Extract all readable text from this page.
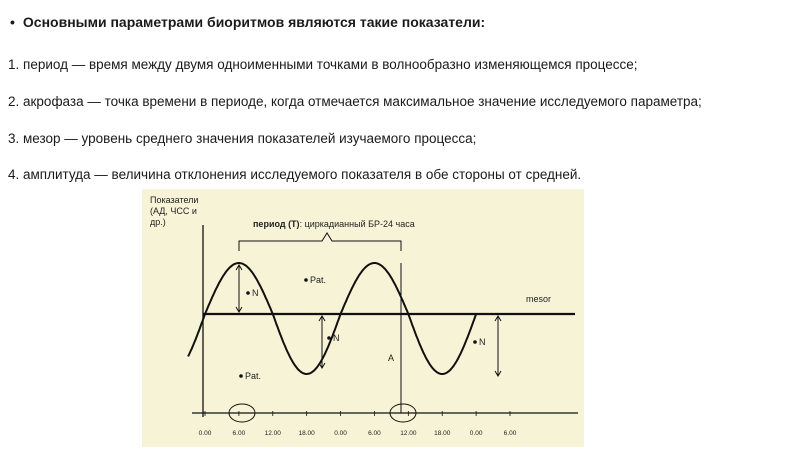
• Основными параметрами биоритмов являются такие показатели:
1. период — время между двумя одноименными точками в волнообразно изменяющемся процессе;
2. акрофаза — точка времени в периоде, когда отмечается максимальное значение исследуемого параметра;
3. мезор — уровень среднего значения показателей изучаемого процесса;
4. амплитуда — величина отклонения исследуемого показателя в обе стороны от средней.
Показатели
(АД, ЧСС и
др.)
mesor
период (Т): циркадианный БР-24 часа
A
N
N	N
Pat.
Pat.
0.00	6.00	12.00	18.00	0.00	6.00	12.00	18.00	0.00	6.00
